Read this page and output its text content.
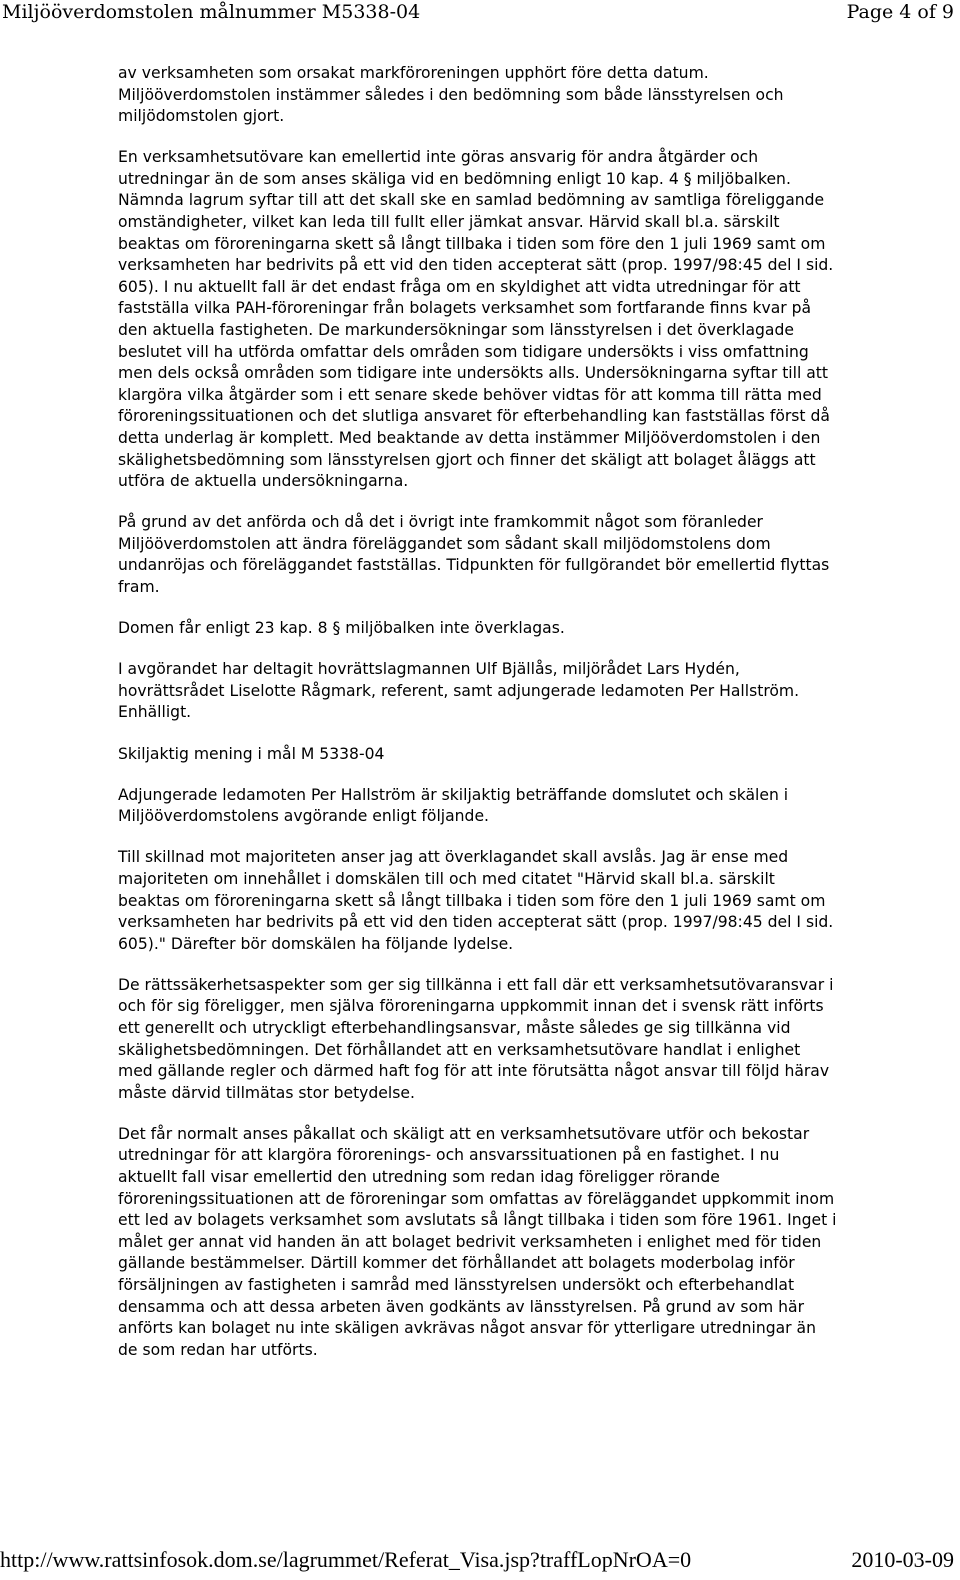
Miljööverdomstolen målnummer M5338-04	Page 4 of 9

av verksamheten som orsakat markföroreningen upphört före detta datum. Miljööverdomstolen instämmer således i den bedömning som både länsstyrelsen och miljödomstolen gjort.

En verksamhetsutövare kan emellertid inte göras ansvarig för andra åtgärder och utredningar än de som anses skäliga vid en bedömning enligt 10 kap. 4 § miljöbalken. Nämnda lagrum syftar till att det skall ske en samlad bedömning av samtliga föreliggande omständigheter, vilket kan leda till fullt eller jämkat ansvar. Härvid skall bl.a. särskilt beaktas om föroreningarna skett så långt tillbaka i tiden som före den 1 juli 1969 samt om verksamheten har bedrivits på ett vid den tiden accepterat sätt (prop. 1997/98:45 del I sid. 605). I nu aktuellt fall är det endast fråga om en skyldighet att vidta utredningar för att fastställa vilka PAH-föroreningar från bolagets verksamhet som fortfarande finns kvar på den aktuella fastigheten. De markundersökningar som länsstyrelsen i det överklagade beslutet vill ha utförda omfattar dels områden som tidigare undersökts i viss omfattning men dels också områden som tidigare inte undersökts alls. Undersökningarna syftar till att klargöra vilka åtgärder som i ett senare skede behöver vidtas för att komma till rätta med föroreningssituationen och det slutliga ansvaret för efterbehandling kan fastställas först då detta underlag är komplett. Med beaktande av detta instämmer Miljööverdomstolen i den skälighetsbedömning som länsstyrelsen gjort och finner det skäligt att bolaget åläggs att utföra de aktuella undersökningarna.

På grund av det anförda och då det i övrigt inte framkommit något som föranleder Miljööverdomstolen att ändra föreläggandet som sådant skall miljödomstolens dom undanröjas och föreläggandet fastställas. Tidpunkten för fullgörandet bör emellertid flyttas fram.

Domen får enligt 23 kap. 8 § miljöbalken inte överklagas.

I avgörandet har deltagit hovrättslagmannen Ulf Bjällås, miljörådet Lars Hydén, hovrättsrådet Liselotte Rågmark, referent, samt adjungerade ledamoten Per Hallström. Enhälligt.

Skiljaktig mening i mål M 5338-04

Adjungerade ledamoten Per Hallström är skiljaktig beträffande domslutet och skälen i Miljööverdomstolens avgörande enligt följande.

Till skillnad mot majoriteten anser jag att överklagandet skall avslås. Jag är ense med majoriteten om innehållet i domskälen till och med citatet "Härvid skall bl.a. särskilt beaktas om föroreningarna skett så långt tillbaka i tiden som före den 1 juli 1969 samt om verksamheten har bedrivits på ett vid den tiden accepterat sätt (prop. 1997/98:45 del I sid. 605)." Därefter bör domskälen ha följande lydelse.

De rättssäkerhetsaspekter som ger sig tillkänna i ett fall där ett verksamhetsutövaransvar i och för sig föreligger, men själva föroreningarna uppkommit innan det i svensk rätt införts ett generellt och utryckligt efterbehandlingsansvar, måste således ge sig tillkänna vid skälighetsbedömningen. Det förhållandet att en verksamhetsutövare handlat i enlighet med gällande regler och därmed haft fog för att inte förutsätta något ansvar till följd härav måste därvid tillmätas stor betydelse.

Det får normalt anses påkallat och skäligt att en verksamhetsutövare utför och bekostar utredningar för att klargöra förorenings- och ansvarssituationen på en fastighet. I nu aktuellt fall visar emellertid den utredning som redan idag föreligger rörande föroreningssituationen att de föroreningar som omfattas av föreläggandet uppkommit inom ett led av bolagets verksamhet som avslutats så långt tillbaka i tiden som före 1961. Inget i målet ger annat vid handen än att bolaget bedrivit verksamheten i enlighet med för tiden gällande bestämmelser. Därtill kommer det förhållandet att bolagets moderbolag inför försäljningen av fastigheten i samråd med länsstyrelsen undersökt och efterbehandlat densamma och att dessa arbeten även godkänts av länsstyrelsen. På grund av som här anförts kan bolaget nu inte skäligen avkrävas något ansvar för ytterligare utredningar än de som redan har utförts.

http://www.rattsinfosok.dom.se/lagrummet/Referat_Visa.jsp?traffLopNrOA=0	2010-03-09
